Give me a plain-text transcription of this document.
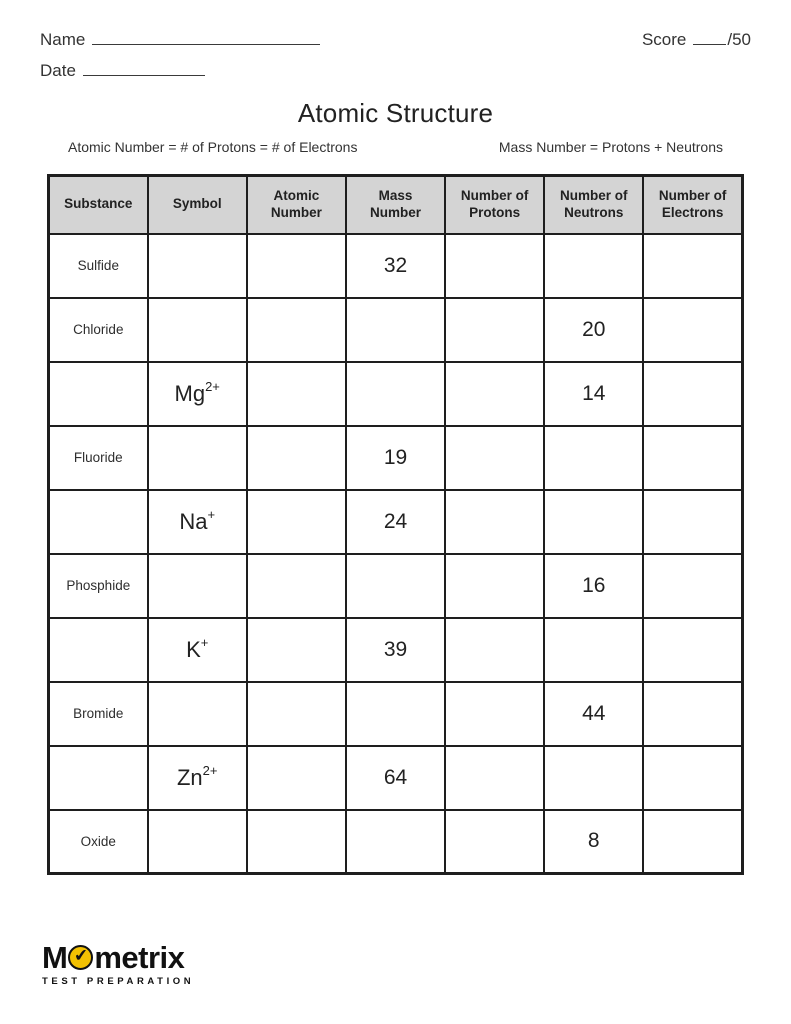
Name	Score /50
Date
Atomic Structure
Atomic Number = # of Protons = # of Electrons	Mass Number = Protons + Neutrons
Substance	Symbol	Atomic Number	Mass Number	Number of Protons	Number of Neutrons	Number of Electrons
Sulfide			32			
Chloride					20	
	$Mg^{2+}$				14	
Fluoride			19			
	Na+		24			
Phosphide					16	
	K+		39			
Bromide					44	
	$Zn^{2+}$		64			
Oxide					8	
M ✔ metrix
TEST PREPARATION
